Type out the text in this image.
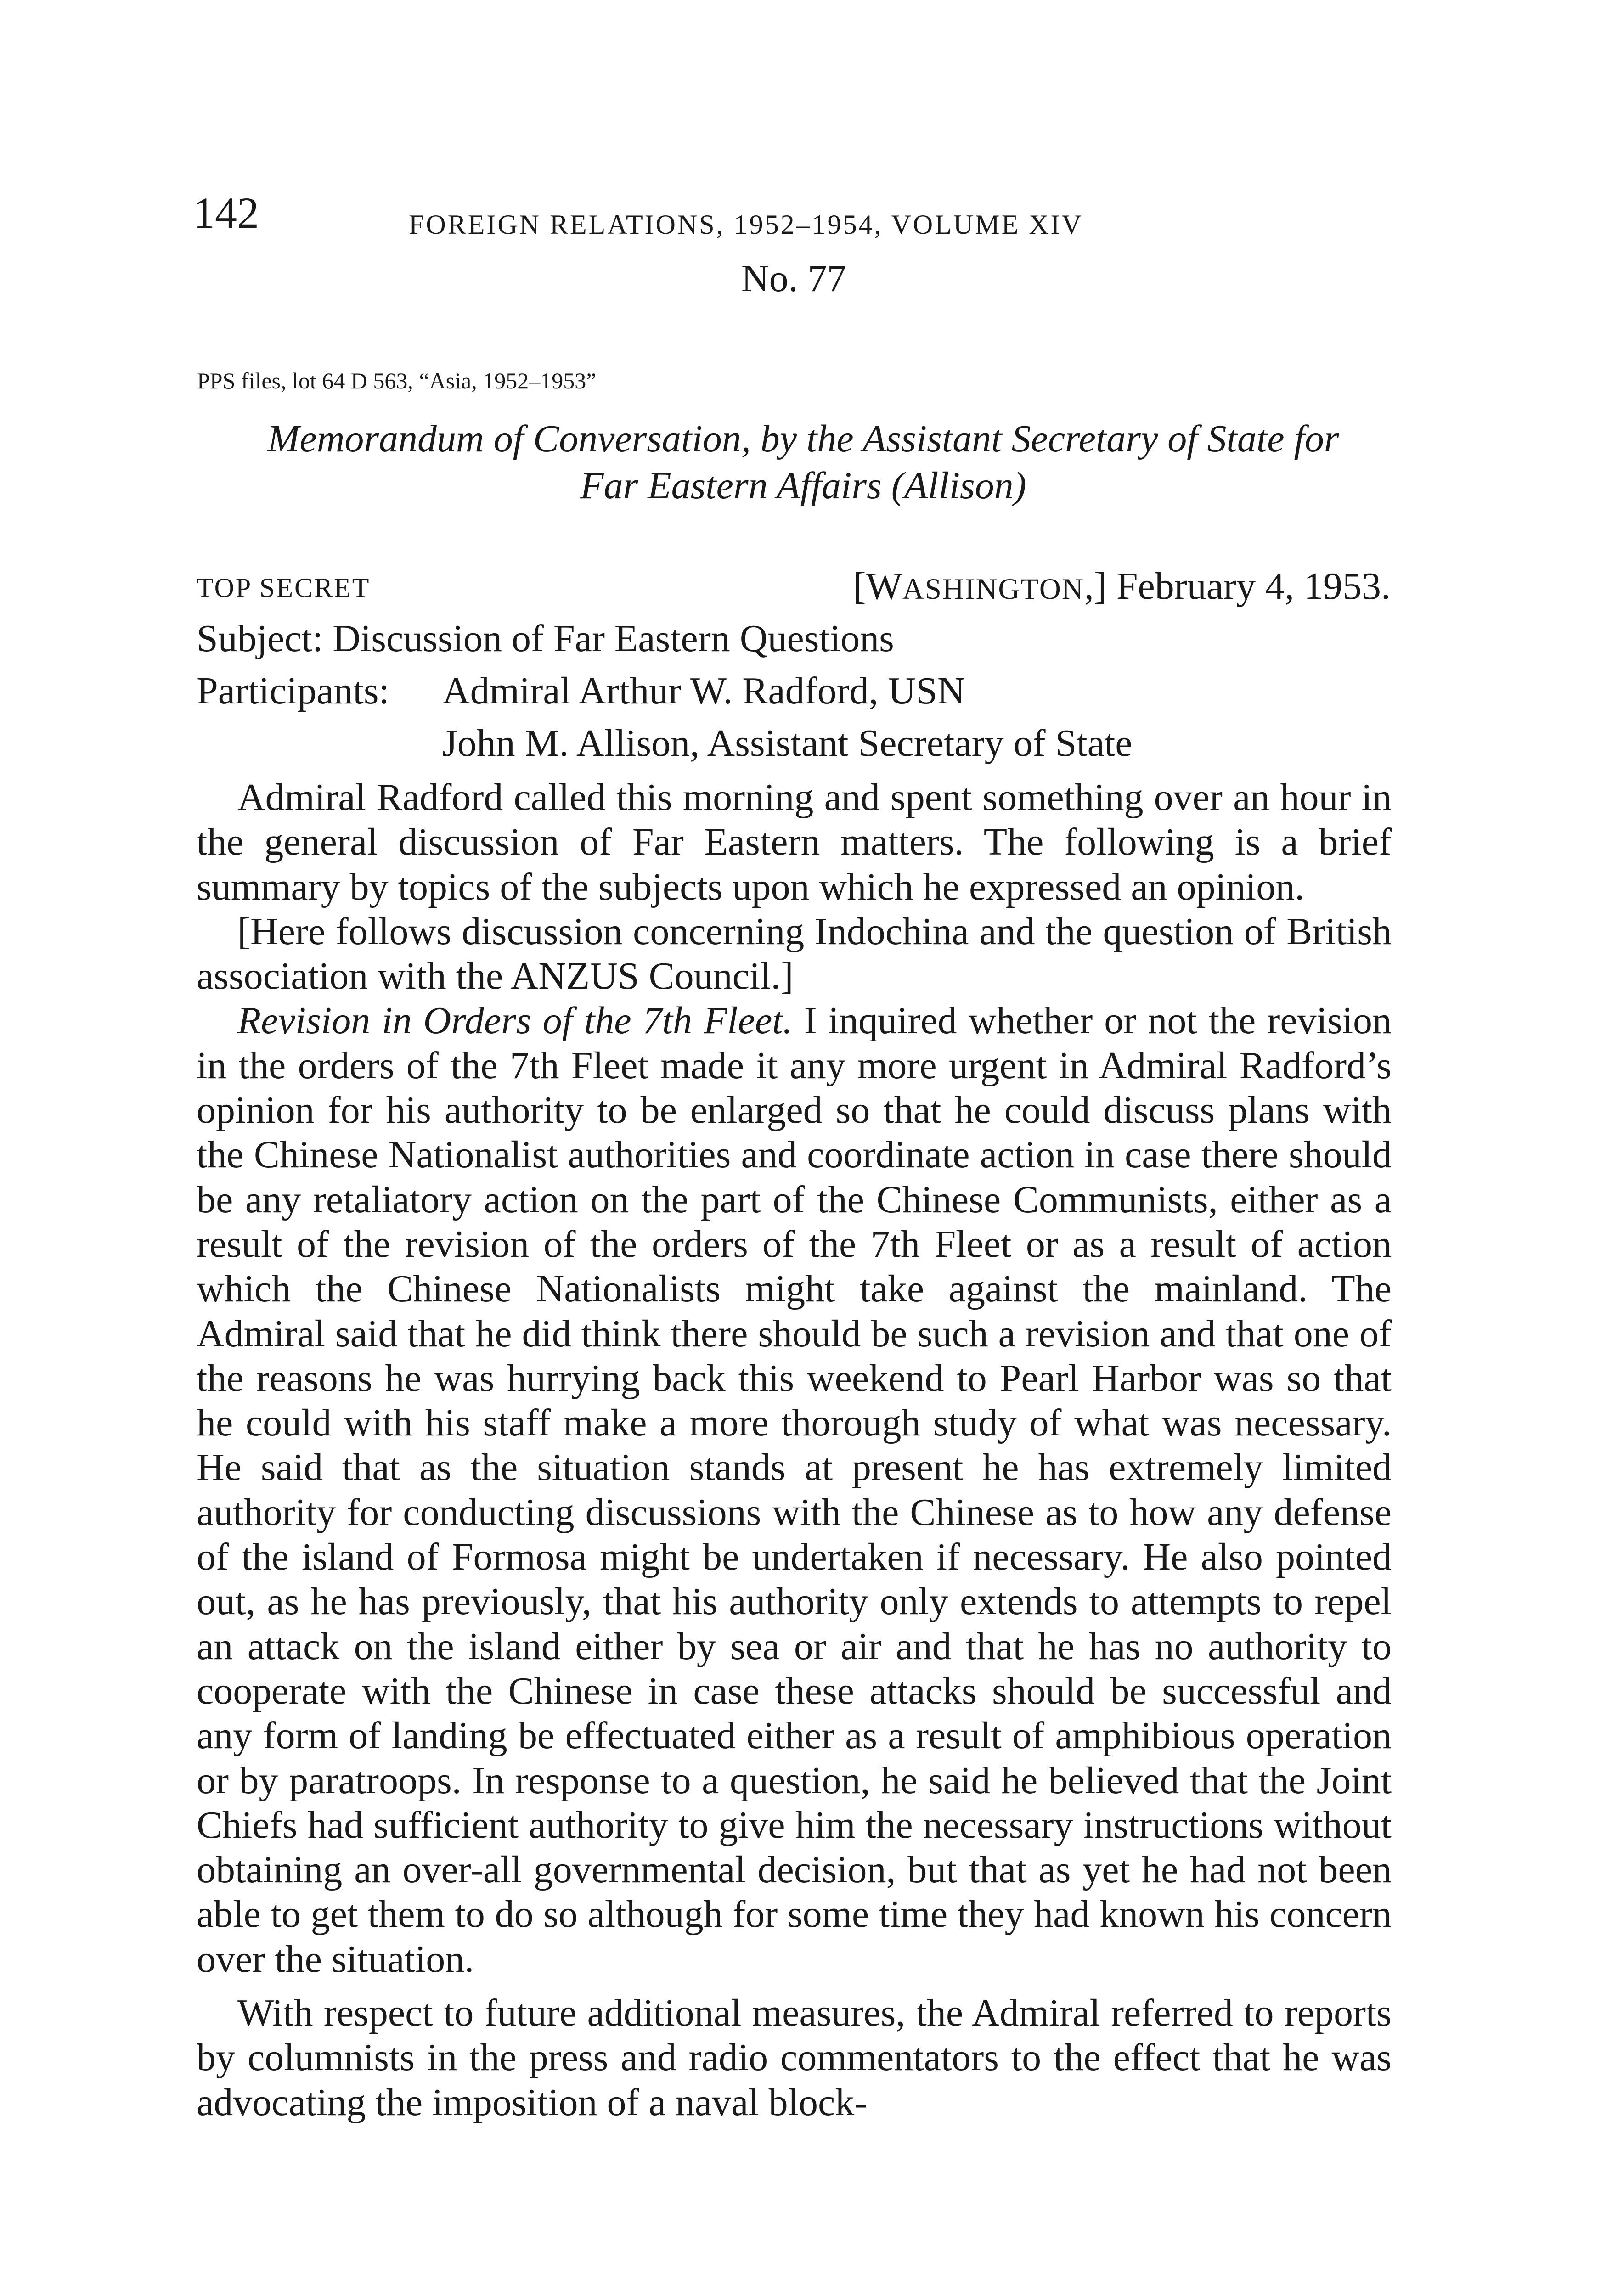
142	FOREIGN RELATIONS, 1952–1954, VOLUME XIV
No. 77
PPS files, lot 64 D 563, “Asia, 1952–1953”
Memorandum of Conversation, by the Assistant Secretary of State for Far Eastern Affairs (Allison)
TOP SECRET	[WASHINGTON,] February 4, 1953.
Subject: Discussion of Far Eastern Questions
Participants: Admiral Arthur W. Radford, USN
John M. Allison, Assistant Secretary of State

Admiral Radford called this morning and spent something over an hour in the general discussion of Far Eastern matters. The following is a brief summary by topics of the subjects upon which he expressed an opinion.

[Here follows discussion concerning Indochina and the question of British association with the ANZUS Council.]

Revision in Orders of the 7th Fleet. I inquired whether or not the revision in the orders of the 7th Fleet made it any more urgent in Admiral Radford’s opinion for his authority to be enlarged so that he could discuss plans with the Chinese Nationalist authorities and coordinate action in case there should be any retaliatory action on the part of the Chinese Communists, either as a result of the revision of the orders of the 7th Fleet or as a result of action which the Chinese Nationalists might take against the mainland. The Admiral said that he did think there should be such a revision and that one of the reasons he was hurrying back this weekend to Pearl Harbor was so that he could with his staff make a more thorough study of what was necessary. He said that as the situation stands at present he has extremely limited authority for conducting discussions with the Chinese as to how any defense of the island of Formosa might be undertaken if necessary. He also pointed out, as he has previously, that his authority only extends to attempts to repel an attack on the island either by sea or air and that he has no authority to cooperate with the Chinese in case these attacks should be successful and any form of landing be effectuated either as a result of amphibious operation or by paratroops. In response to a question, he said he believed that the Joint Chiefs had sufficient authority to give him the necessary instructions without obtaining an over-all governmental decision, but that as yet he had not been able to get them to do so although for some time they had known his concern over the situation.

With respect to future additional measures, the Admiral referred to reports by columnists in the press and radio commentators to the effect that he was advocating the imposition of a naval block-
